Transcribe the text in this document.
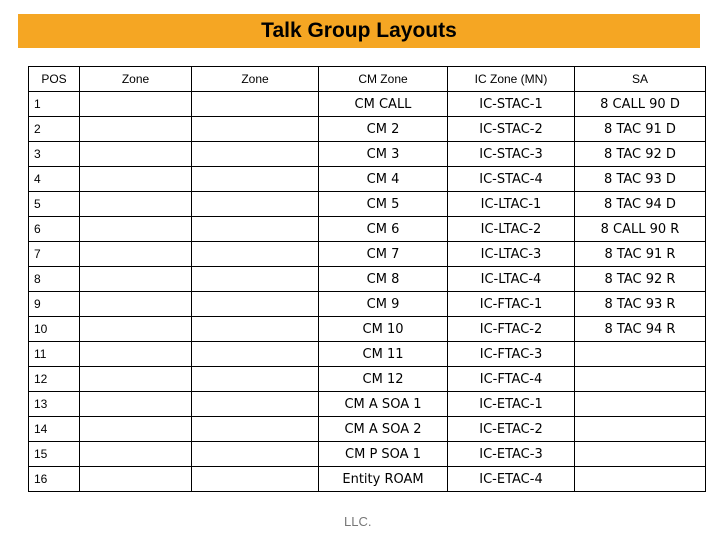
Talk Group Layouts
POS	Zone	Zone	CM Zone	IC Zone (MN)	SA
1			CM CALL	IC-STAC-1	8 CALL 90 D
2			CM 2	IC-STAC-2	8 TAC 91 D
3			CM 3	IC-STAC-3	8 TAC 92 D
4			CM 4	IC-STAC-4	8 TAC 93 D
5			CM 5	IC-LTAC-1	8 TAC 94 D
6			CM 6	IC-LTAC-2	8 CALL 90 R
7			CM 7	IC-LTAC-3	8 TAC 91 R
8			CM 8	IC-LTAC-4	8 TAC 92 R
9			CM 9	IC-FTAC-1	8 TAC 93 R
10			CM 10	IC-FTAC-2	8 TAC 94 R
11			CM 11	IC-FTAC-3	
12			CM 12	IC-FTAC-4	
13			CM A SOA 1	IC-ETAC-1	
14			CM A SOA 2	IC-ETAC-2	
15			CM P SOA 1	IC-ETAC-3	
16			Entity ROAM	IC-ETAC-4	
LLC.
